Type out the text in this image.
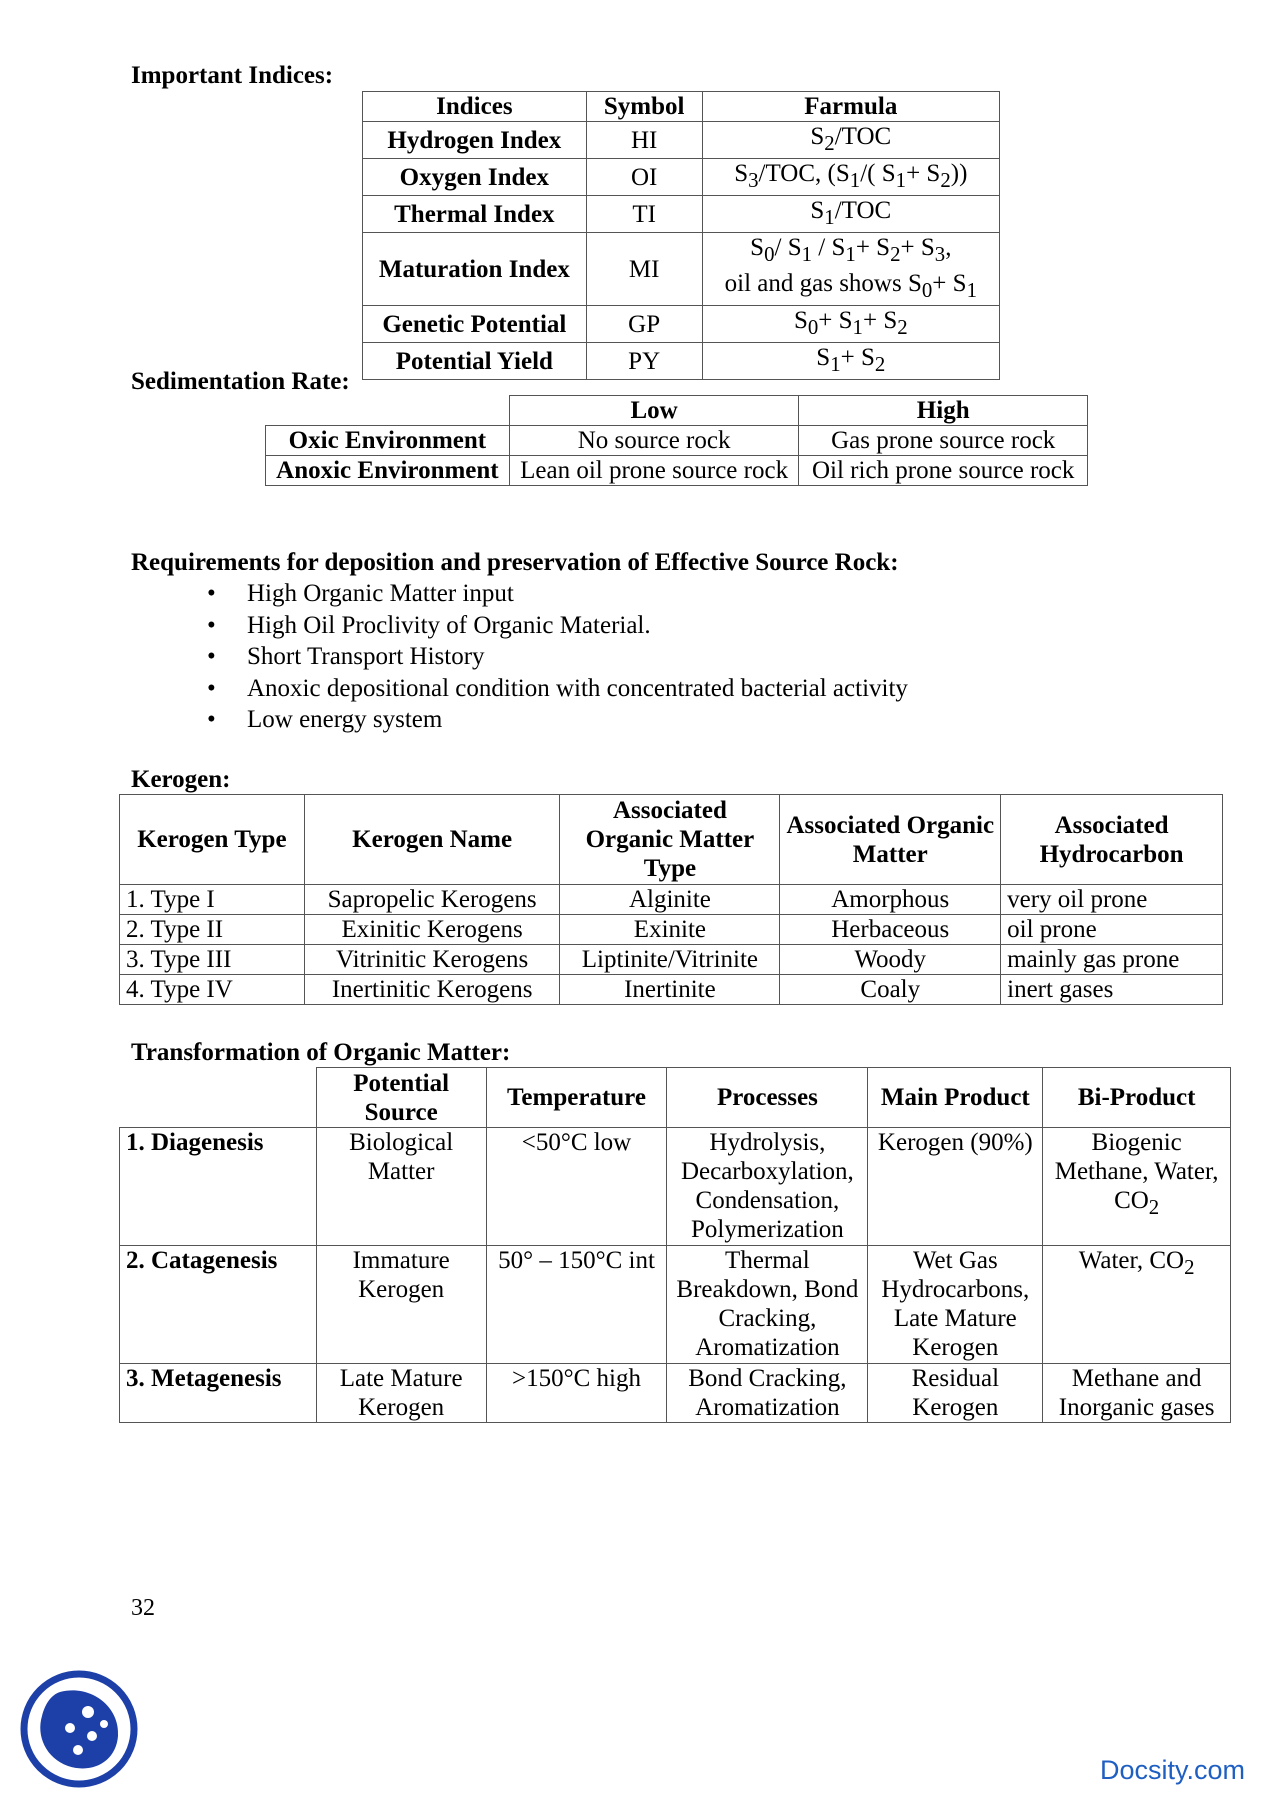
Important Indices:
Indices	Symbol	Farmula
Hydrogen Index	HI	$S_2$/TOC
Oxygen Index	OI	$S_3$/TOC, ($S_1/$( $S_1+ S_2$))
Thermal Index	TI	$S_1$/TOC
Maturation Index	MI	$S_0/$ $S_1 / S_1+ S_2+ S_3$,
oil and gas shows $S_0+ S_1$
Genetic Potential	GP	$S_0+ S_1+ S_2$
Potential Yield	PY	$S_1+ S_2$
Sedimentation Rate:
	Low	High
Oxic Environment	No source rock	Gas prone source rock
Anoxic Environment	Lean oil prone source rock	Oil rich prone source rock
Requirements for deposition and preservation of Effective Source Rock:
• High Organic Matter input
• High Oil Proclivity of Organic Material.
• Short Transport History
• Anoxic depositional condition with concentrated bacterial activity
• Low energy system
Kerogen:
Kerogen Type	Kerogen Name	Associated Organic Matter Type	Associated Organic Matter	Associated Hydrocarbon
1. Type I	Sapropelic Kerogens	Alginite	Amorphous	very oil prone
2. Type II	Exinitic Kerogens	Exinite	Herbaceous	oil prone
3. Type III	Vitrinitic Kerogens	Liptinite/Vitrinite	Woody	mainly gas prone
4. Type IV	Inertinitic Kerogens	Inertinite	Coaly	inert gases
Transformation of Organic Matter:
	Potential Source	Temperature	Processes	Main Product	Bi-Product
1. Diagenesis	Biological Matter	<50°C low	Hydrolysis, Decarboxylation, Condensation, Polymerization	Kerogen (90%)	Biogenic Methane, Water, $CO_2$
2. Catagenesis	Immature Kerogen	50° – 150°C int	Thermal Breakdown, Bond Cracking, Aromatization	Wet Gas Hydrocarbons, Late Mature Kerogen	Water, $CO_2$
3. Metagenesis	Late Mature Kerogen	>150°C high	Bond Cracking, Aromatization	Residual Kerogen	Methane and Inorganic gases
32
Docsity.com
